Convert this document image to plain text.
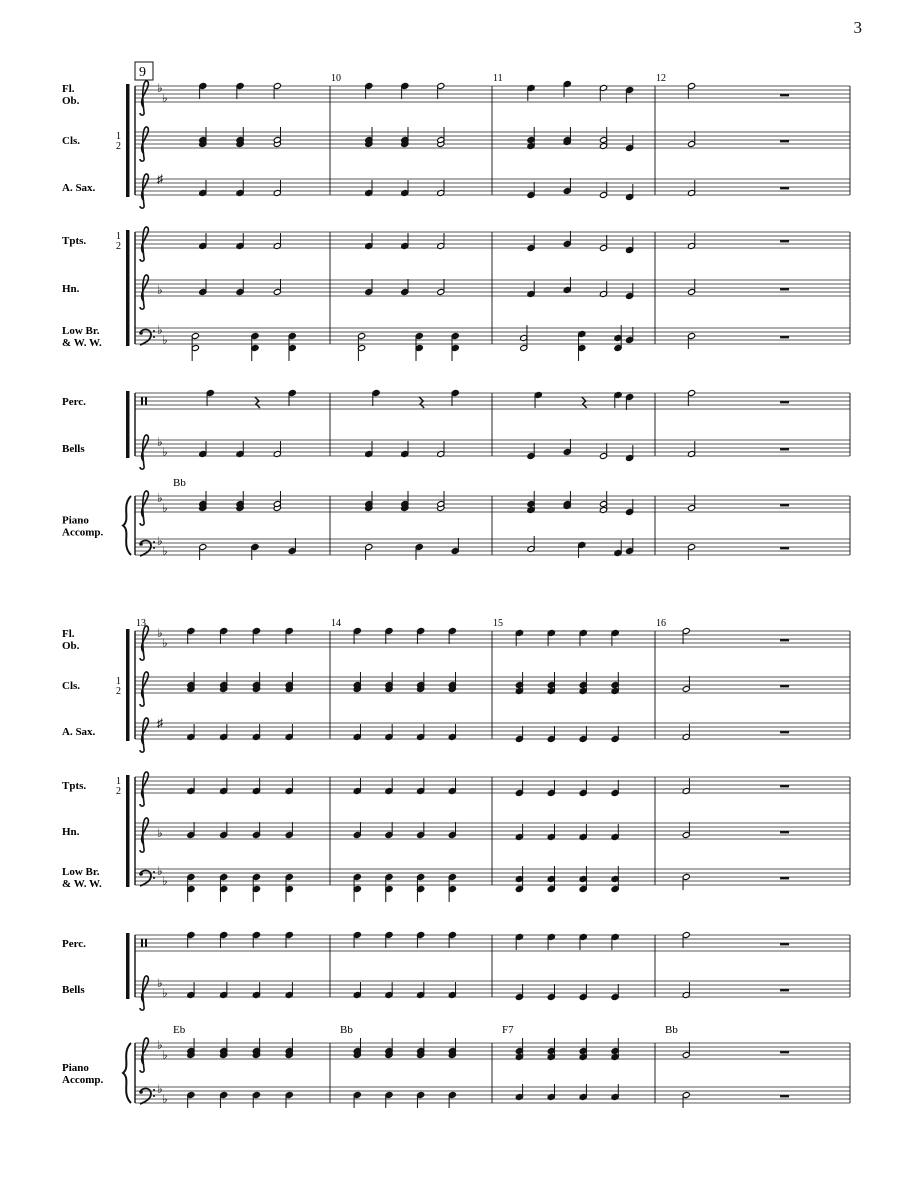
3
♭
♭
♯
♭
♭
♭
♭
♭
♭
♭
♭
♭
Fl.
Ob.
Cls.	1
2
A. Sax.
Tpts.	1
2
Hn.
Low Br.
& W. W.
Perc.
Bells
Piano
Accomp.
10	11	12
Bb
♭
♭
♯
♭
♭
♭
♭
♭
♭
♭
♭
♭
Fl.
Ob.
Cls.	1
2
A. Sax.
Tpts.	1
2
Hn.
Low Br.
& W. W.
Perc.
Bells
Piano
Accomp.
13	14	15	16
Eb	Bb	F7	Bb
9
